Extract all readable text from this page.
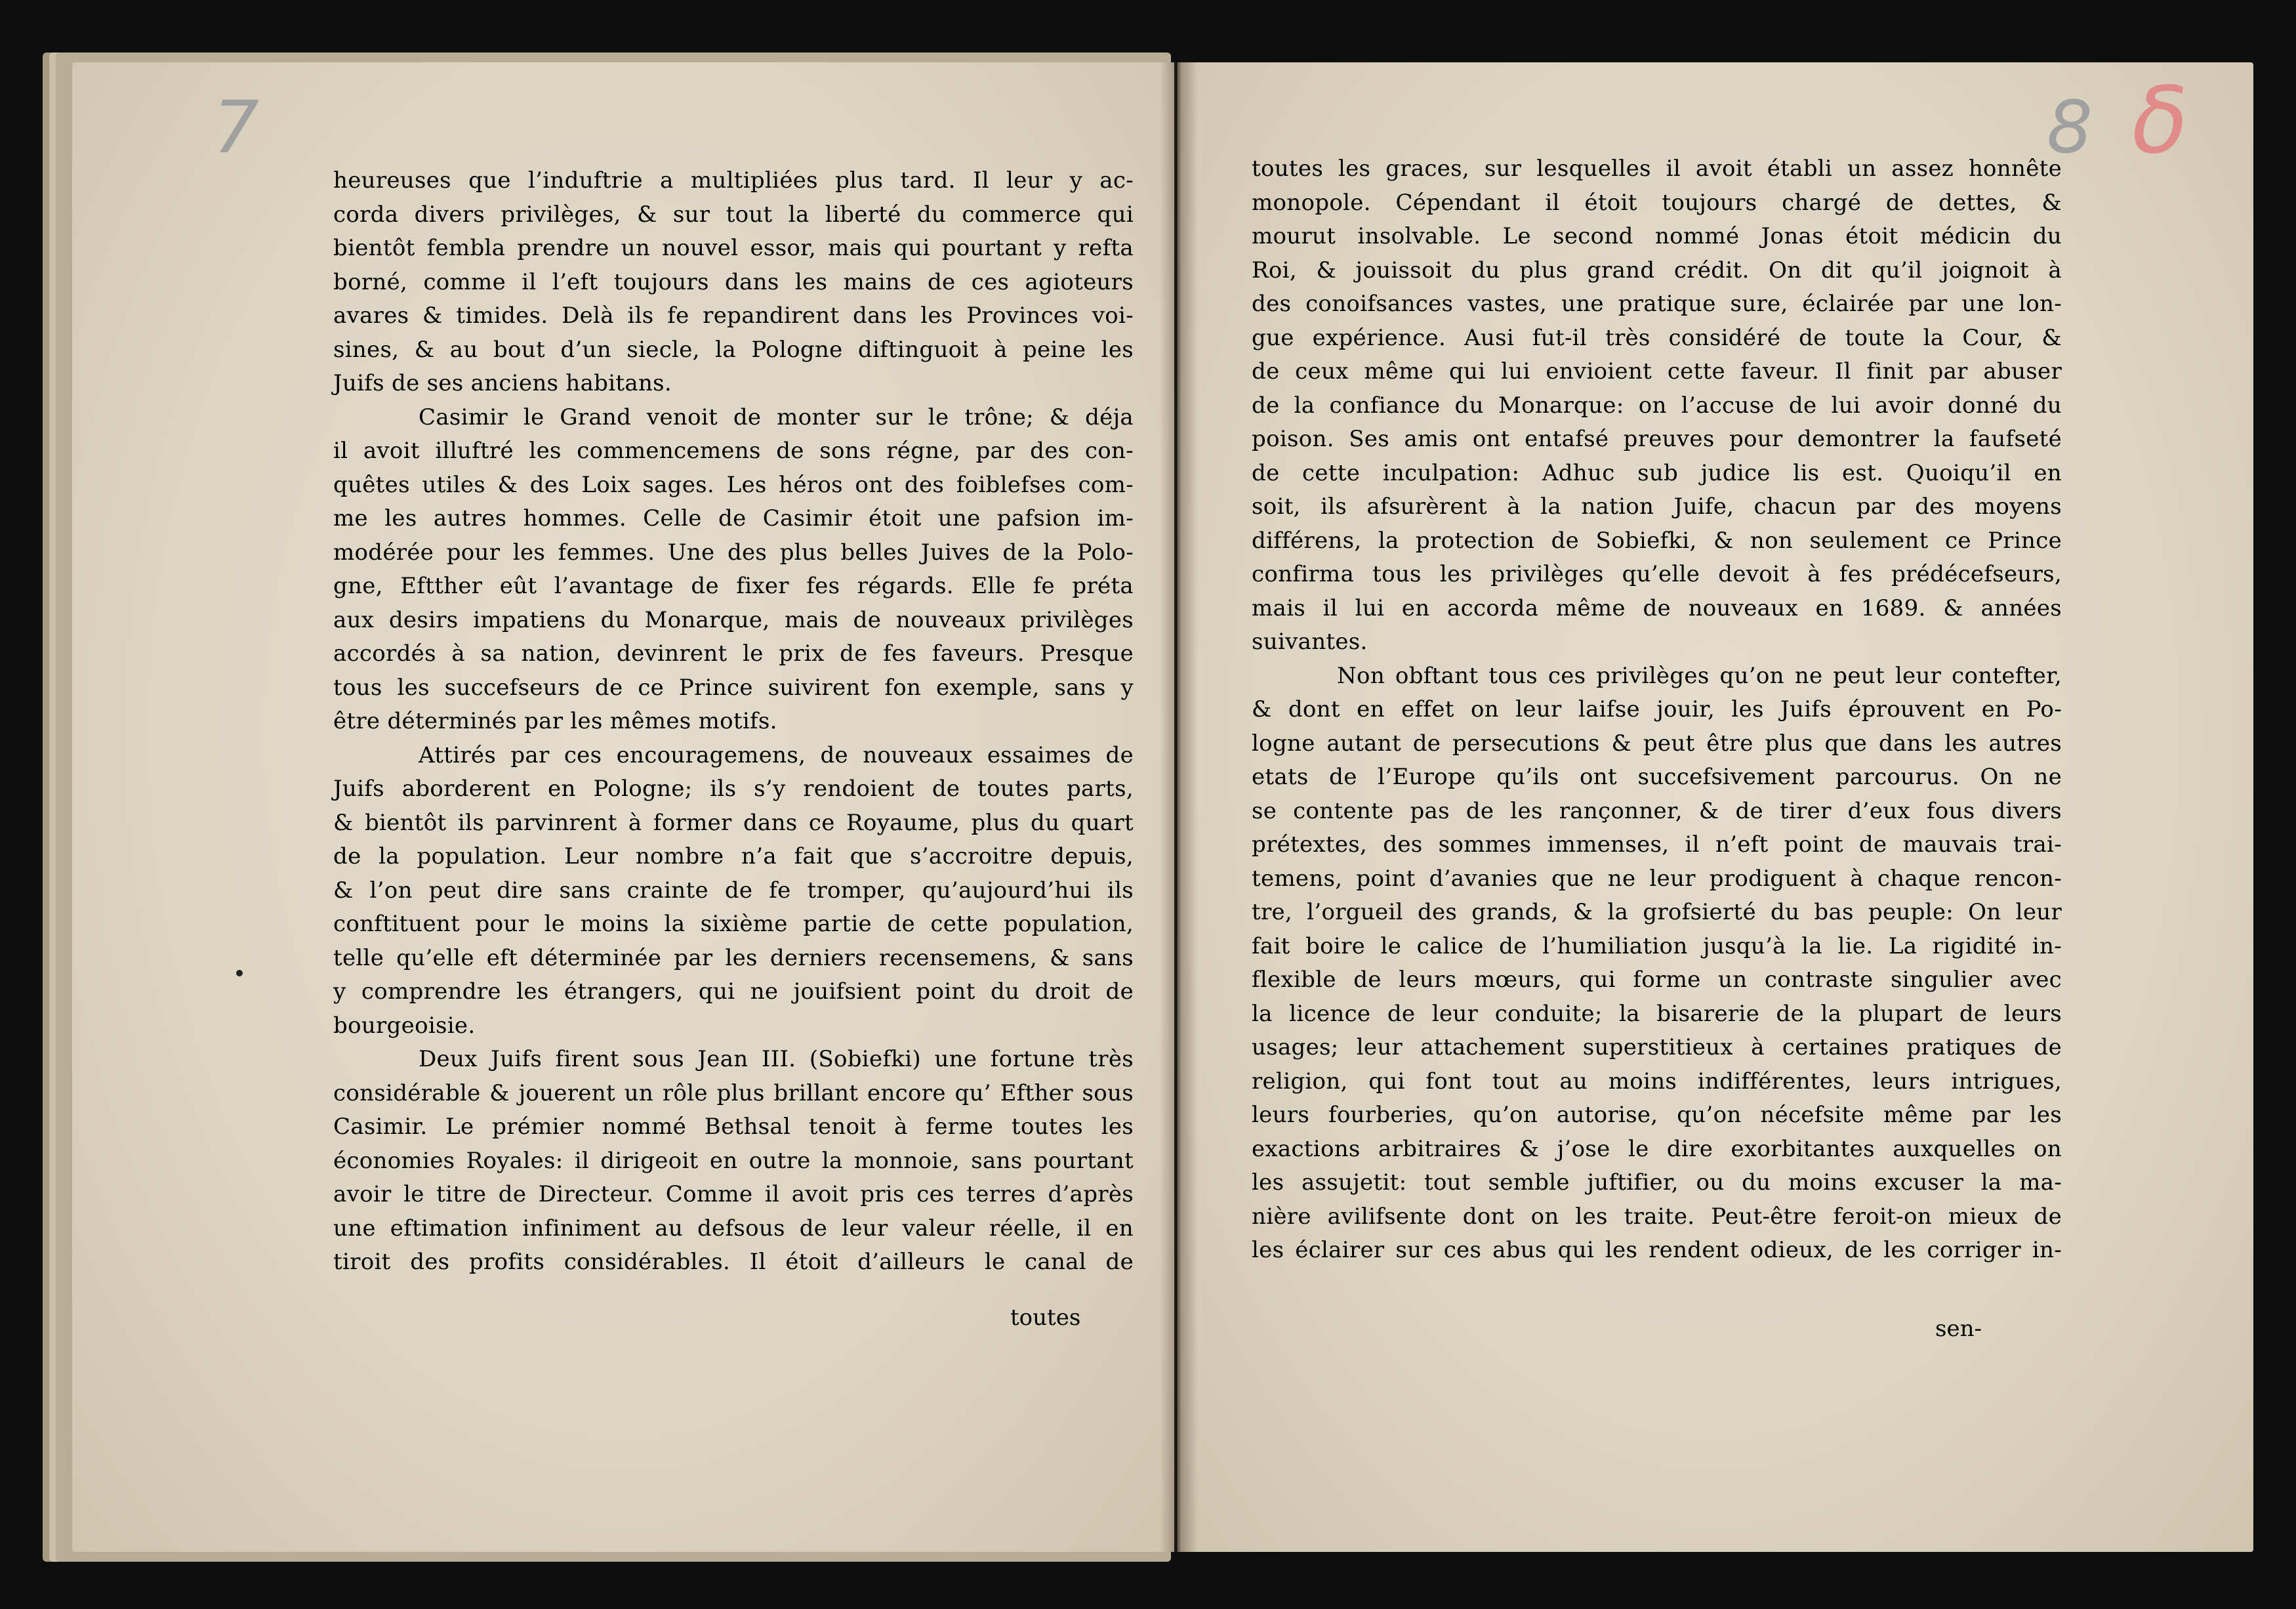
7	8 δ
heureuses que l’induftrie a multipliées plus tard. Il leur y ac-
corda divers privilèges, & sur tout la liberté du commerce qui
bientôt fembla prendre un nouvel essor, mais qui pourtant y refta
borné, comme il l’eft toujours dans les mains de ces agioteurs
avares & timides. Delà ils fe repandirent dans les Provinces voi-
sines, & au bout d’un siecle, la Pologne diftinguoit à peine les
Juifs de ses anciens habitans.
Casimir le Grand venoit de monter sur le trône; & déja
il avoit illuftré les commencemens de sons régne, par des con-
quêtes utiles & des Loix sages. Les héros ont des foiblefses com-
me les autres hommes. Celle de Casimir étoit une pafsion im-
modérée pour les femmes. Une des plus belles Juives de la Polo-
gne, Eftther eût l’avantage de fixer fes régards. Elle fe préta
aux desirs impatiens du Monarque, mais de nouveaux privilèges
accordés à sa nation, devinrent le prix de fes faveurs. Presque
tous les succefseurs de ce Prince suivirent fon exemple, sans y
être déterminés par les mêmes motifs.
Attirés par ces encouragemens, de nouveaux essaimes de
Juifs aborderent en Pologne; ils s’y rendoient de toutes parts,
& bientôt ils parvinrent à former dans ce Royaume, plus du quart
de la population. Leur nombre n’a fait que s’accroitre depuis,
& l’on peut dire sans crainte de fe tromper, qu’aujourd’hui ils
conftituent pour le moins la sixième partie de cette population,
telle qu’elle eft déterminée par les derniers recensemens, & sans
y comprendre les étrangers, qui ne jouifsient point du droit de
bourgeoisie.
Deux Juifs firent sous Jean III. (Sobiefki) une fortune très
considérable & jouerent un rôle plus brillant encore qu’ Efther sous
Casimir. Le prémier nommé Bethsal tenoit à ferme toutes les
économies Royales: il dirigeoit en outre la monnoie, sans pourtant
avoir le titre de Directeur. Comme il avoit pris ces terres d’après
une eftimation infiniment au defsous de leur valeur réelle, il en
tiroit des profits considérables. Il étoit d’ailleurs le canal de
toutes
toutes les graces, sur lesquelles il avoit établi un assez honnête
monopole. Cépendant il étoit toujours chargé de dettes, &
mourut insolvable. Le second nommé Jonas étoit médicin du
Roi, & jouissoit du plus grand crédit. On dit qu’il joignoit à
des conoifsances vastes, une pratique sure, éclairée par une lon-
gue expérience. Ausi fut-il très considéré de toute la Cour, &
de ceux même qui lui envioient cette faveur. Il finit par abuser
de la confiance du Monarque: on l’accuse de lui avoir donné du
poison. Ses amis ont entafsé preuves pour demontrer la faufseté
de cette inculpation: Adhuc sub judice lis est. Quoiqu’il en
soit, ils afsurèrent à la nation Juife, chacun par des moyens
différens, la protection de Sobiefki, & non seulement ce Prince
confirma tous les privilèges qu’elle devoit à fes prédécefseurs,
mais il lui en accorda même de nouveaux en 1689. & années
suivantes.
Non obftant tous ces privilèges qu’on ne peut leur contefter,
& dont en effet on leur laifse jouir, les Juifs éprouvent en Po-
logne autant de persecutions & peut être plus que dans les autres
etats de l’Europe qu’ils ont succefsivement parcourus. On ne
se contente pas de les rançonner, & de tirer d’eux fous divers
prétextes, des sommes immenses, il n’eft point de mauvais trai-
temens, point d’avanies que ne leur prodiguent à chaque rencon-
tre, l’orgueil des grands, & la grofsierté du bas peuple: On leur
fait boire le calice de l’humiliation jusqu’à la lie. La rigidité in-
flexible de leurs mœurs, qui forme un contraste singulier avec
la licence de leur conduite; la bisarerie de la plupart de leurs
usages; leur attachement superstitieux à certaines pratiques de
religion, qui font tout au moins indifférentes, leurs intrigues,
leurs fourberies, qu’on autorise, qu’on nécefsite même par les
exactions arbitraires & j’ose le dire exorbitantes auxquelles on
les assujetit: tout semble juftifier, ou du moins excuser la ma-
nière avilifsente dont on les traite. Peut-être feroit-on mieux de
les éclairer sur ces abus qui les rendent odieux, de les corriger in-
sen-
